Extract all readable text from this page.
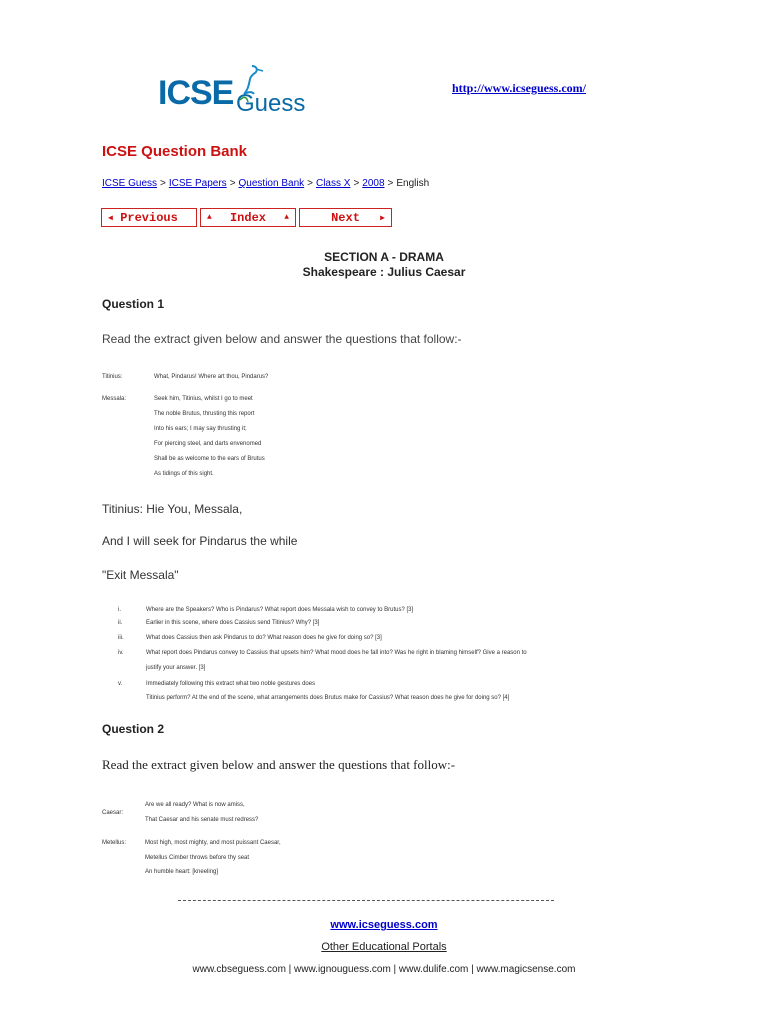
ICSE Guess
http://www.icseguess.com/
ICSE Question Bank
ICSE Guess > ICSE Papers > Question Bank > Class X > 2008 > English
◀ Previous	▲ Index ▲	Next	▶
SECTION A - DRAMA
Shakespeare : Julius Caesar
Question 1
Read the extract given below and answer the questions that follow:-
Titinius:	What, Pindarus! Where art thou, Pindarus?
Messala:	Seek him, Titinius, whilst I go to meet
The noble Brutus, thrusting this report
Into his ears; I may say thrusting it;
For piercing steel, and darts envenomed
Shall be as welcome to the ears of Brutus
As tidings of this sight.
Titinius: Hie You, Messala,
And I will seek for Pindarus the while
"Exit Messala"
i.	Where are the Speakers? Who is Pindarus? What report does Messala wish to convey to Brutus? [3]
ii.	Earlier in this scene, where does Cassius send Titinius? Why? [3]
iii.	What does Cassius then ask Pindarus to do? What reason does he give for doing so? [3]
iv.	What report does Pindarus convey to Cassius that upsets him? What mood does he fall into? Was he right in blaming himself? Give a reason to
justify your answer. [3]
v.	Immediately following this extract what two noble gestures does
Titinius perform? At the end of the scene, what arrangements does Brutus make for Cassius? What reason does he give for doing so? [4]
Question 2
Read the extract given below and answer the questions that follow:-
Caesar:
Are we all ready? What is now amiss,
That Caesar and his senate must redress?
Metellus:	Most high, most mighty, and most puissant Caesar,
Metellus Cimber throws before thy seat
An humble heart: [kneeling]
www.icseguess.com
Other Educational Portals
www.cbseguess.com | www.ignouguess.com | www.dulife.com | www.magicsense.com
